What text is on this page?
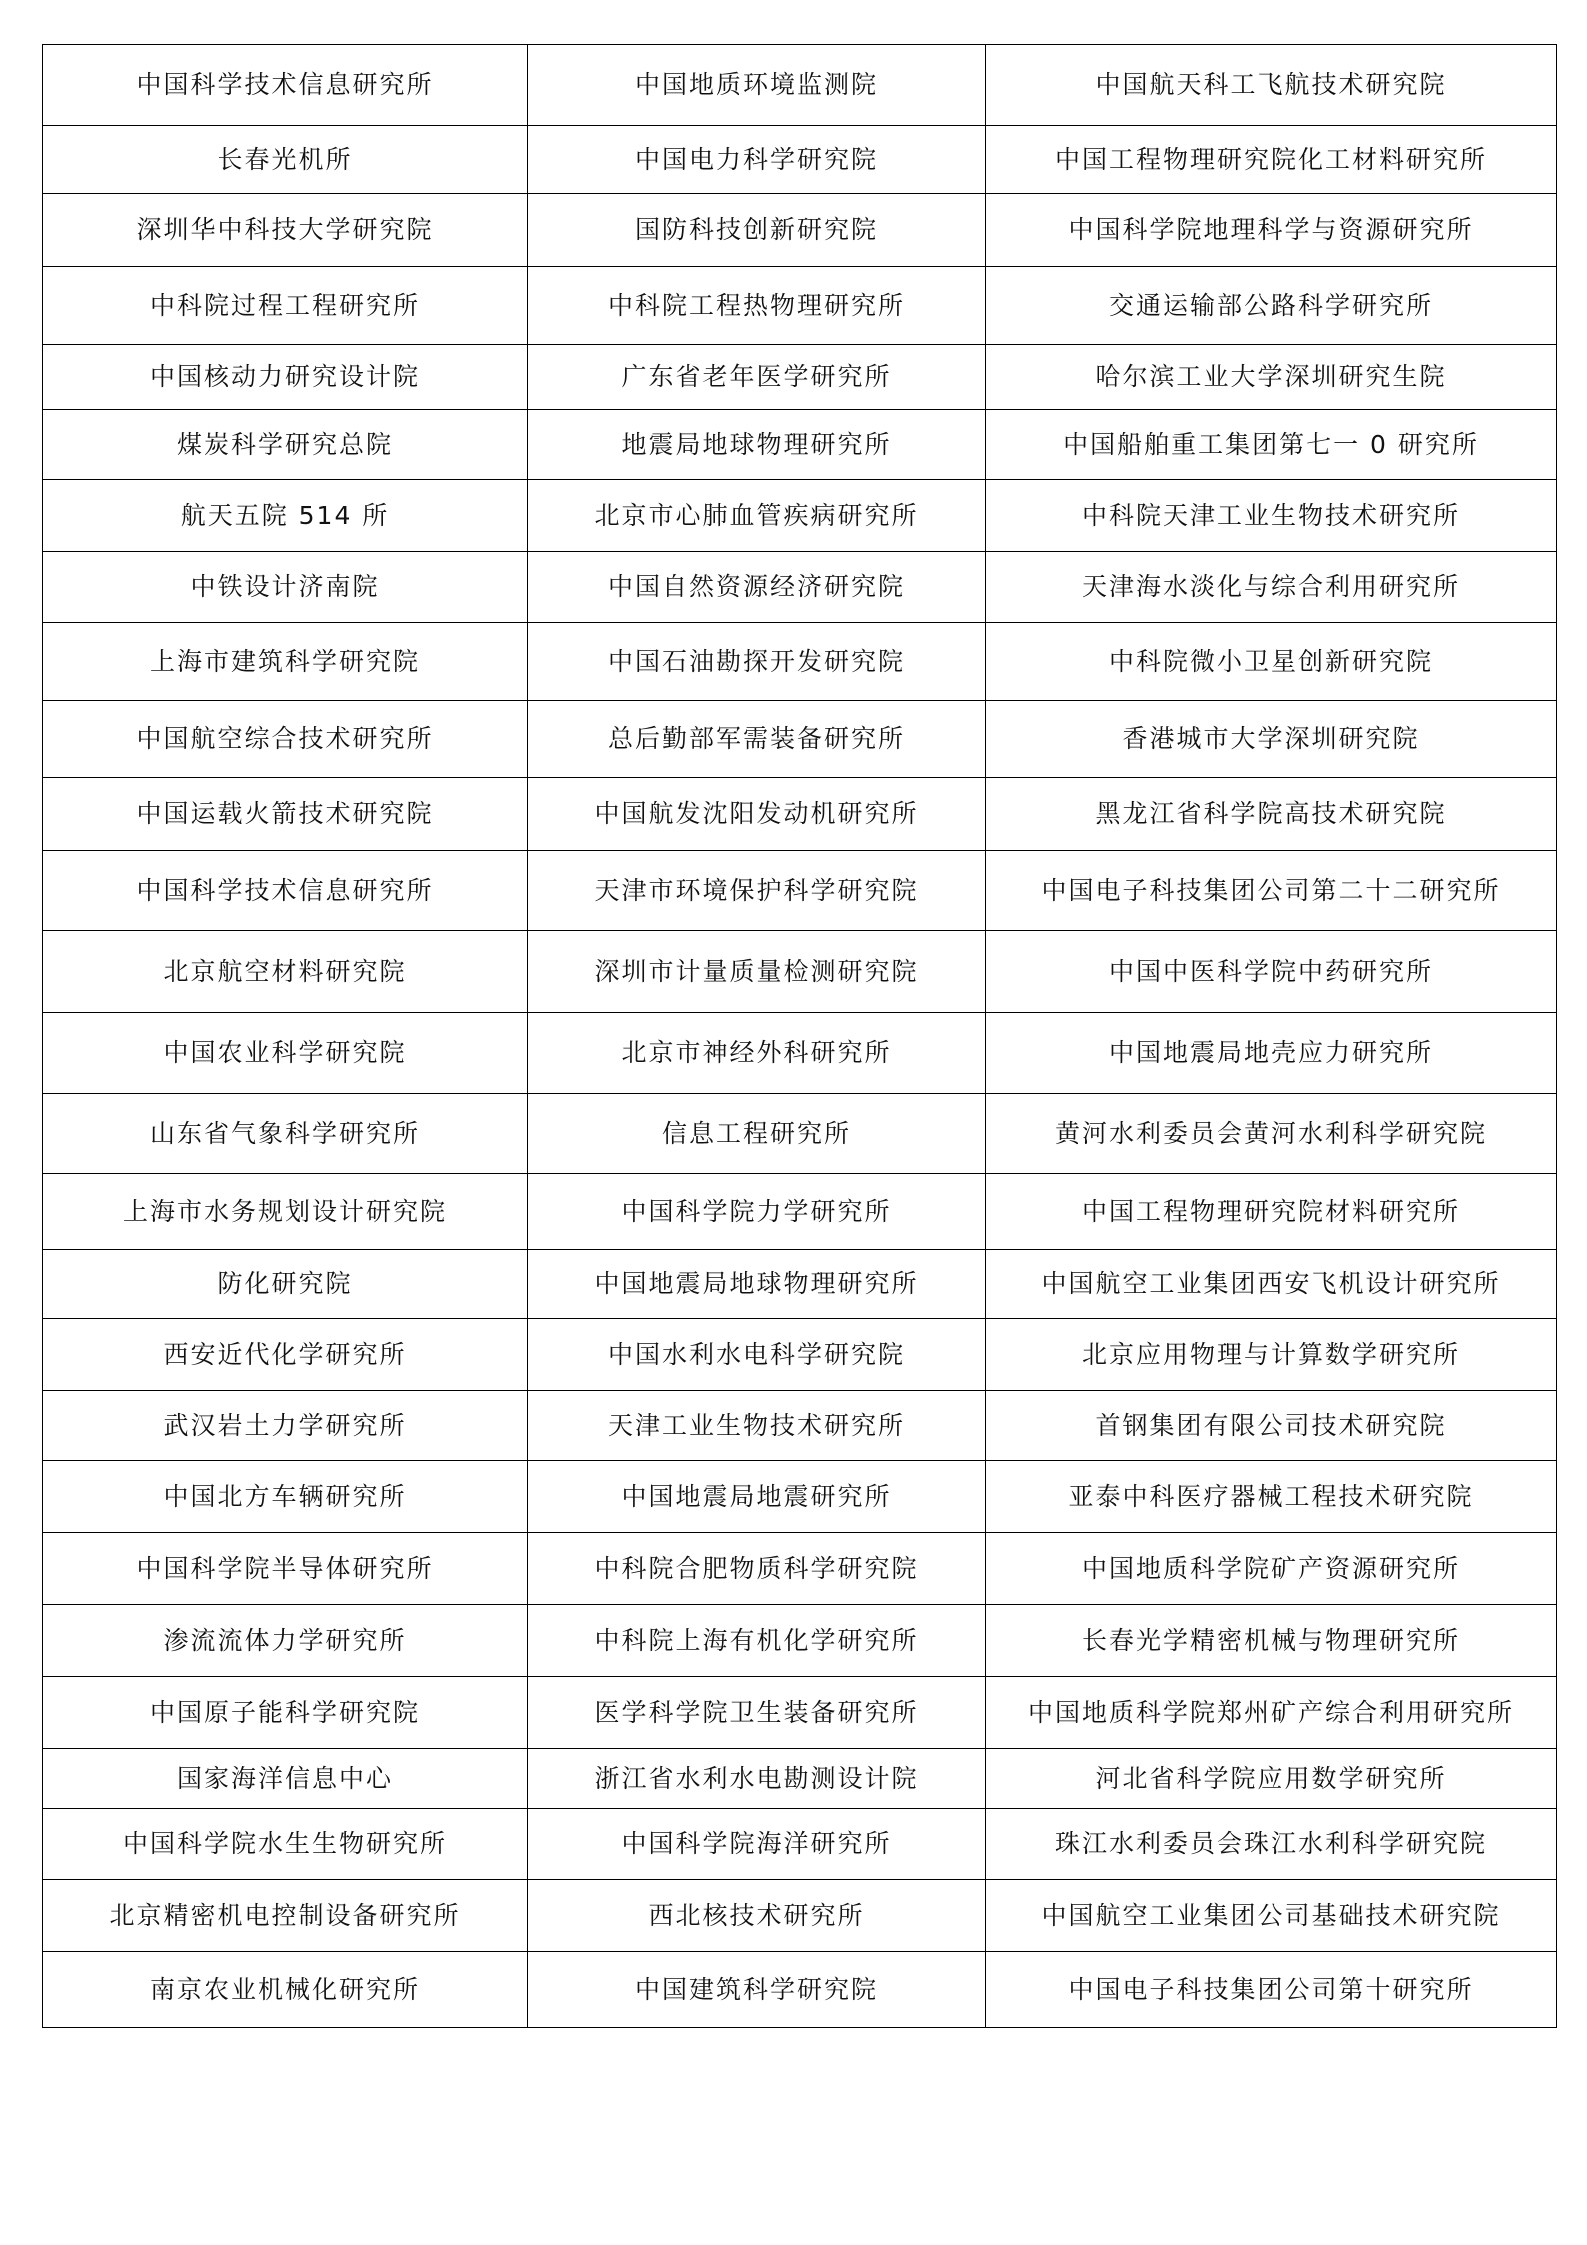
中国科学技术信息研究所	中国地质环境监测院	中国航天科工飞航技术研究院
长春光机所	中国电力科学研究院	中国工程物理研究院化工材料研究所
深圳华中科技大学研究院	国防科技创新研究院	中国科学院地理科学与资源研究所
中科院过程工程研究所	中科院工程热物理研究所	交通运输部公路科学研究所
中国核动力研究设计院	广东省老年医学研究所	哈尔滨工业大学深圳研究生院
煤炭科学研究总院	地震局地球物理研究所	中国船舶重工集团第七一 0 研究所
航天五院 514 所	北京市心肺血管疾病研究所	中科院天津工业生物技术研究所
中铁设计济南院	中国自然资源经济研究院	天津海水淡化与综合利用研究所
上海市建筑科学研究院	中国石油勘探开发研究院	中科院微小卫星创新研究院
中国航空综合技术研究所	总后勤部军需装备研究所	香港城市大学深圳研究院
中国运载火箭技术研究院	中国航发沈阳发动机研究所	黑龙江省科学院高技术研究院
中国科学技术信息研究所	天津市环境保护科学研究院	中国电子科技集团公司第二十二研究所
北京航空材料研究院	深圳市计量质量检测研究院	中国中医科学院中药研究所
中国农业科学研究院	北京市神经外科研究所	中国地震局地壳应力研究所
山东省气象科学研究所	信息工程研究所	黄河水利委员会黄河水利科学研究院
上海市水务规划设计研究院	中国科学院力学研究所	中国工程物理研究院材料研究所
防化研究院	中国地震局地球物理研究所	中国航空工业集团西安飞机设计研究所
西安近代化学研究所	中国水利水电科学研究院	北京应用物理与计算数学研究所
武汉岩土力学研究所	天津工业生物技术研究所	首钢集团有限公司技术研究院
中国北方车辆研究所	中国地震局地震研究所	亚泰中科医疗器械工程技术研究院
中国科学院半导体研究所	中科院合肥物质科学研究院	中国地质科学院矿产资源研究所
渗流流体力学研究所	中科院上海有机化学研究所	长春光学精密机械与物理研究所
中国原子能科学研究院	医学科学院卫生装备研究所	中国地质科学院郑州矿产综合利用研究所
国家海洋信息中心	浙江省水利水电勘测设计院	河北省科学院应用数学研究所
中国科学院水生生物研究所	中国科学院海洋研究所	珠江水利委员会珠江水利科学研究院
北京精密机电控制设备研究所	西北核技术研究所	中国航空工业集团公司基础技术研究院
南京农业机械化研究所	中国建筑科学研究院	中国电子科技集团公司第十研究所
